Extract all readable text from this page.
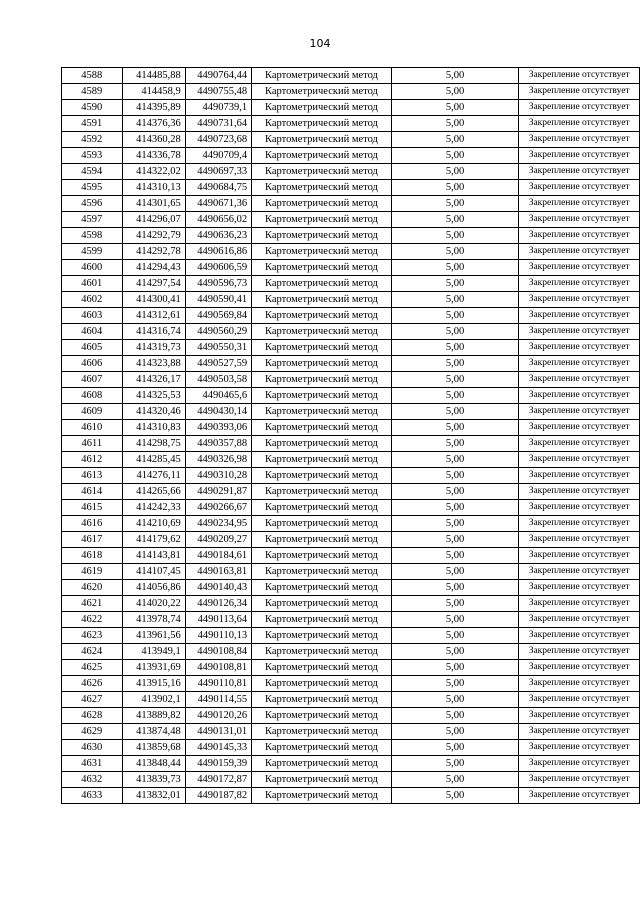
104
4588	414485,88	4490764,44	Картометрический метод	5,00	Закрепление отсутствует
4589	414458,9	4490755,48	Картометрический метод	5,00	Закрепление отсутствует
4590	414395,89	4490739,1	Картометрический метод	5,00	Закрепление отсутствует
4591	414376,36	4490731,64	Картометрический метод	5,00	Закрепление отсутствует
4592	414360,28	4490723,68	Картометрический метод	5,00	Закрепление отсутствует
4593	414336,78	4490709,4	Картометрический метод	5,00	Закрепление отсутствует
4594	414322,02	4490697,33	Картометрический метод	5,00	Закрепление отсутствует
4595	414310,13	4490684,75	Картометрический метод	5,00	Закрепление отсутствует
4596	414301,65	4490671,36	Картометрический метод	5,00	Закрепление отсутствует
4597	414296,07	4490656,02	Картометрический метод	5,00	Закрепление отсутствует
4598	414292,79	4490636,23	Картометрический метод	5,00	Закрепление отсутствует
4599	414292,78	4490616,86	Картометрический метод	5,00	Закрепление отсутствует
4600	414294,43	4490606,59	Картометрический метод	5,00	Закрепление отсутствует
4601	414297,54	4490596,73	Картометрический метод	5,00	Закрепление отсутствует
4602	414300,41	4490590,41	Картометрический метод	5,00	Закрепление отсутствует
4603	414312,61	4490569,84	Картометрический метод	5,00	Закрепление отсутствует
4604	414316,74	4490560,29	Картометрический метод	5,00	Закрепление отсутствует
4605	414319,73	4490550,31	Картометрический метод	5,00	Закрепление отсутствует
4606	414323,88	4490527,59	Картометрический метод	5,00	Закрепление отсутствует
4607	414326,17	4490503,58	Картометрический метод	5,00	Закрепление отсутствует
4608	414325,53	4490465,6	Картометрический метод	5,00	Закрепление отсутствует
4609	414320,46	4490430,14	Картометрический метод	5,00	Закрепление отсутствует
4610	414310,83	4490393,06	Картометрический метод	5,00	Закрепление отсутствует
4611	414298,75	4490357,88	Картометрический метод	5,00	Закрепление отсутствует
4612	414285,45	4490326,98	Картометрический метод	5,00	Закрепление отсутствует
4613	414276,11	4490310,28	Картометрический метод	5,00	Закрепление отсутствует
4614	414265,66	4490291,87	Картометрический метод	5,00	Закрепление отсутствует
4615	414242,33	4490266,67	Картометрический метод	5,00	Закрепление отсутствует
4616	414210,69	4490234,95	Картометрический метод	5,00	Закрепление отсутствует
4617	414179,62	4490209,27	Картометрический метод	5,00	Закрепление отсутствует
4618	414143,81	4490184,61	Картометрический метод	5,00	Закрепление отсутствует
4619	414107,45	4490163,81	Картометрический метод	5,00	Закрепление отсутствует
4620	414056,86	4490140,43	Картометрический метод	5,00	Закрепление отсутствует
4621	414020,22	4490126,34	Картометрический метод	5,00	Закрепление отсутствует
4622	413978,74	4490113,64	Картометрический метод	5,00	Закрепление отсутствует
4623	413961,56	4490110,13	Картометрический метод	5,00	Закрепление отсутствует
4624	413949,1	4490108,84	Картометрический метод	5,00	Закрепление отсутствует
4625	413931,69	4490108,81	Картометрический метод	5,00	Закрепление отсутствует
4626	413915,16	4490110,81	Картометрический метод	5,00	Закрепление отсутствует
4627	413902,1	4490114,55	Картометрический метод	5,00	Закрепление отсутствует
4628	413889,82	4490120,26	Картометрический метод	5,00	Закрепление отсутствует
4629	413874,48	4490131,01	Картометрический метод	5,00	Закрепление отсутствует
4630	413859,68	4490145,33	Картометрический метод	5,00	Закрепление отсутствует
4631	413848,44	4490159,39	Картометрический метод	5,00	Закрепление отсутствует
4632	413839,73	4490172,87	Картометрический метод	5,00	Закрепление отсутствует
4633	413832,01	4490187,82	Картометрический метод	5,00	Закрепление отсутствует
